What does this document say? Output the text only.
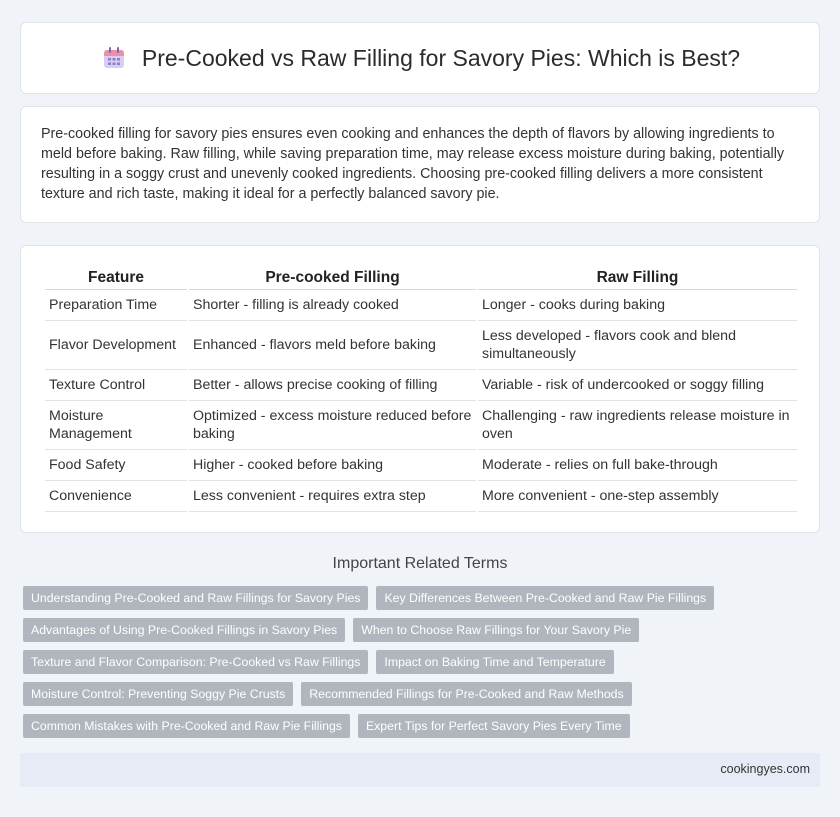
Pre-Cooked vs Raw Filling for Savory Pies: Which is Best?

Pre-cooked filling for savory pies ensures even cooking and enhances the depth of flavors by allowing ingredients to meld before baking. Raw filling, while saving preparation time, may release excess moisture during baking, potentially resulting in a soggy crust and unevenly cooked ingredients. Choosing pre-cooked filling delivers a more consistent texture and rich taste, making it ideal for a perfectly balanced savory pie.

Feature	Pre-cooked Filling	Raw Filling
Preparation Time	Shorter - filling is already cooked	Longer - cooks during baking
Flavor Development	Enhanced - flavors meld before baking	Less developed - flavors cook and blend simultaneously
Texture Control	Better - allows precise cooking of filling	Variable - risk of undercooked or soggy filling
Moisture Management	Optimized - excess moisture reduced before baking	Challenging - raw ingredients release moisture in oven
Food Safety	Higher - cooked before baking	Moderate - relies on full bake-through
Convenience	Less convenient - requires extra step	More convenient - one-step assembly
Important Related Terms
Understanding Pre-Cooked and Raw Fillings for Savory Pies	Key Differences Between Pre-Cooked and Raw Pie Fillings
Advantages of Using Pre-Cooked Fillings in Savory Pies	When to Choose Raw Fillings for Your Savory Pie
Texture and Flavor Comparison: Pre-Cooked vs Raw Fillings	Impact on Baking Time and Temperature
Moisture Control: Preventing Soggy Pie Crusts	Recommended Fillings for Pre-Cooked and Raw Methods
Common Mistakes with Pre-Cooked and Raw Pie Fillings	Expert Tips for Perfect Savory Pies Every Time
cookingyes.com
